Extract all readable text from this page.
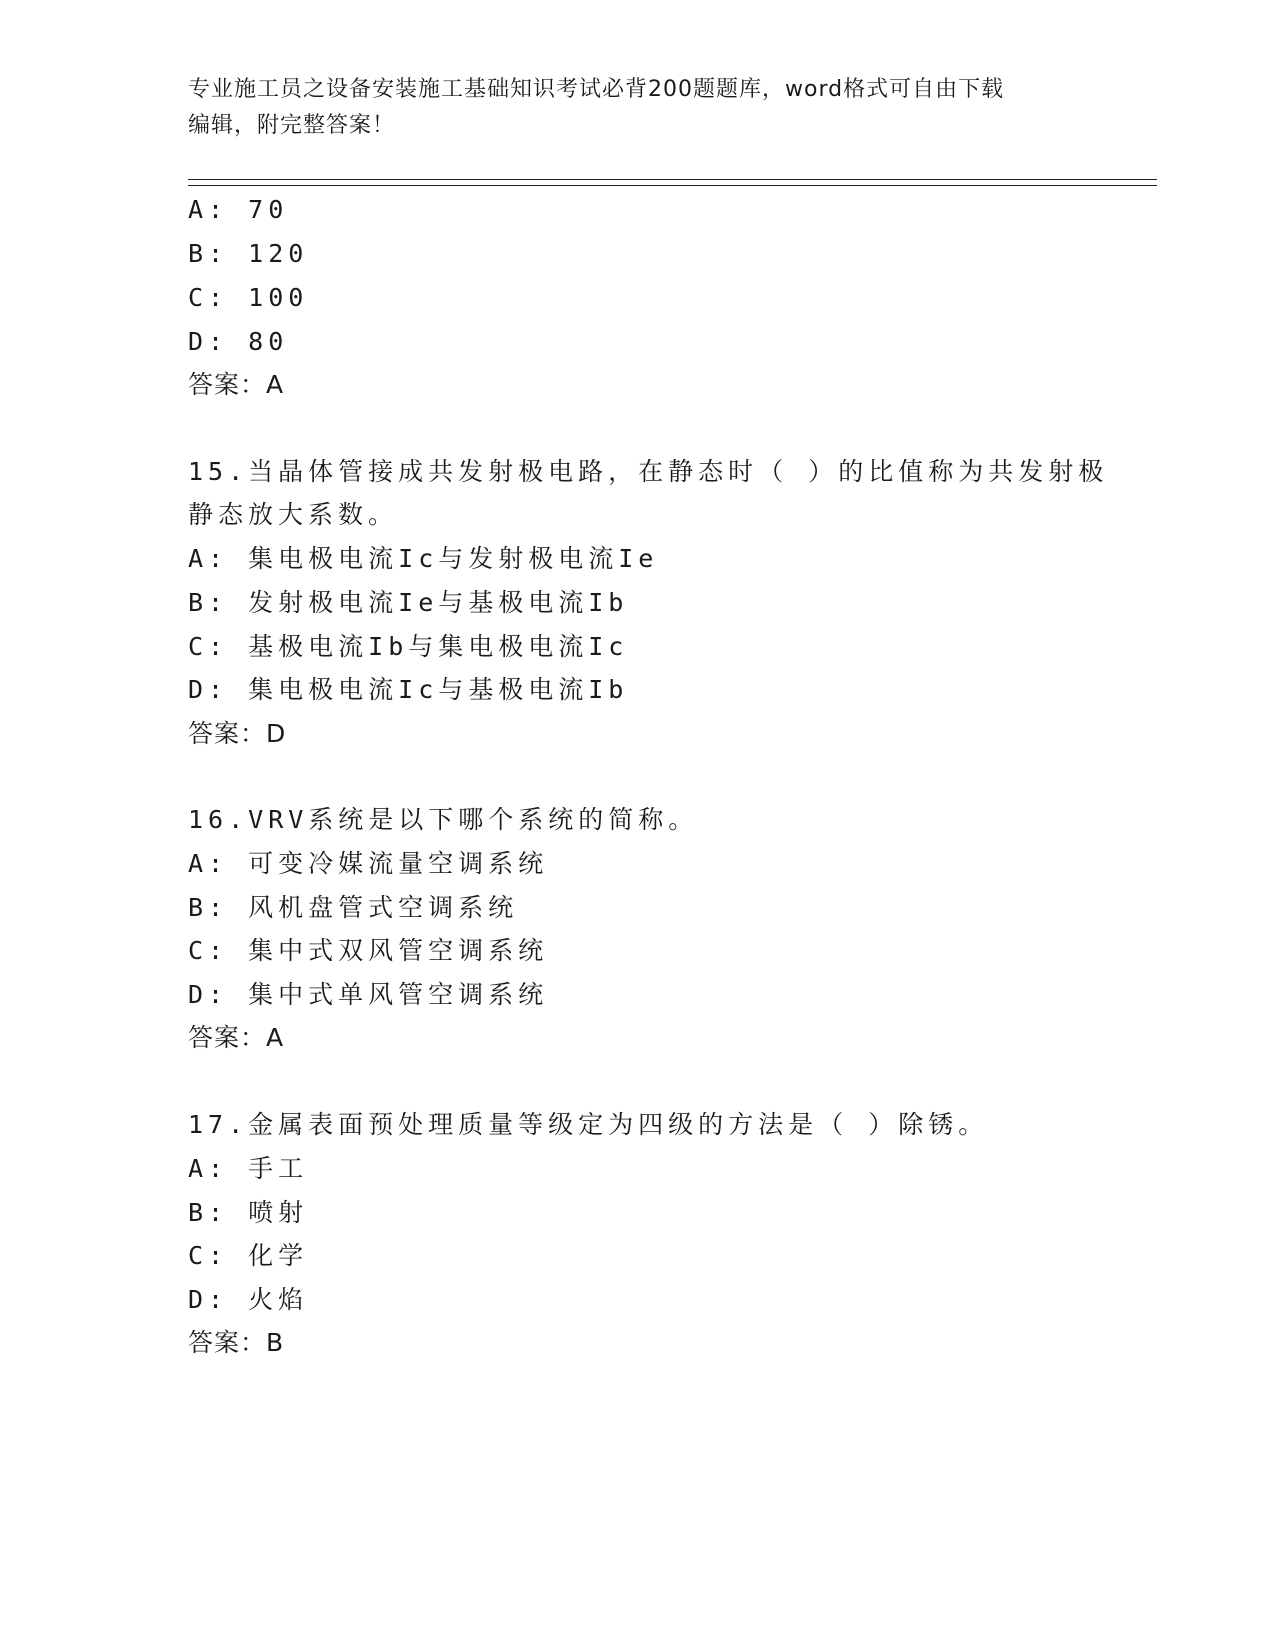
专业施工员之设备安装施工基础知识考试必背200题题库，word格式可自由下载
编辑，附完整答案！
A: 70
B: 120
C: 100
D: 80
答案：A
15.当晶体管接成共发射极电路，在静态时（ ）的比值称为共发射极
静态放大系数。
A: 集电极电流Ic与发射极电流Ie
B: 发射极电流Ie与基极电流Ib
C: 基极电流Ib与集电极电流Ic
D: 集电极电流Ic与基极电流Ib
答案：D
16.VRV系统是以下哪个系统的简称。
A: 可变冷媒流量空调系统
B: 风机盘管式空调系统
C: 集中式双风管空调系统
D: 集中式单风管空调系统
答案：A
17.金属表面预处理质量等级定为四级的方法是（ ）除锈。
A: 手工
B: 喷射
C: 化学
D: 火焰
答案：B
